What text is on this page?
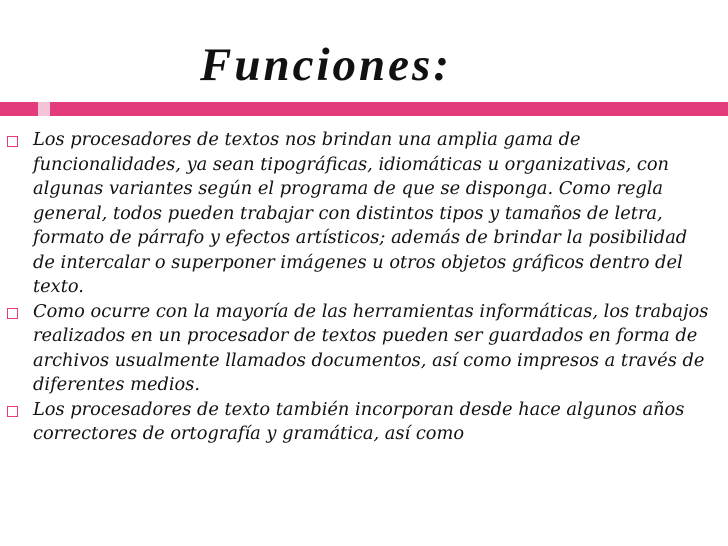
Funciones:
Los procesadores de textos nos brindan una amplia gama de funcionalidades, ya sean tipográficas, idiomáticas u organizativas, con algunas variantes según el programa de que se disponga. Como regla general, todos pueden trabajar con distintos tipos y tamaños de letra, formato de párrafo y efectos artísticos; además de brindar la posibilidad de intercalar o superponer imágenes u otros objetos gráficos dentro del texto.
Como ocurre con la mayoría de las herramientas informáticas, los trabajos realizados en un procesador de textos pueden ser guardados en forma de archivos usualmente llamados documentos, así como impresos a través de diferentes medios.
Los procesadores de texto también incorporan desde hace algunos años correctores de ortografía y gramática, así como
